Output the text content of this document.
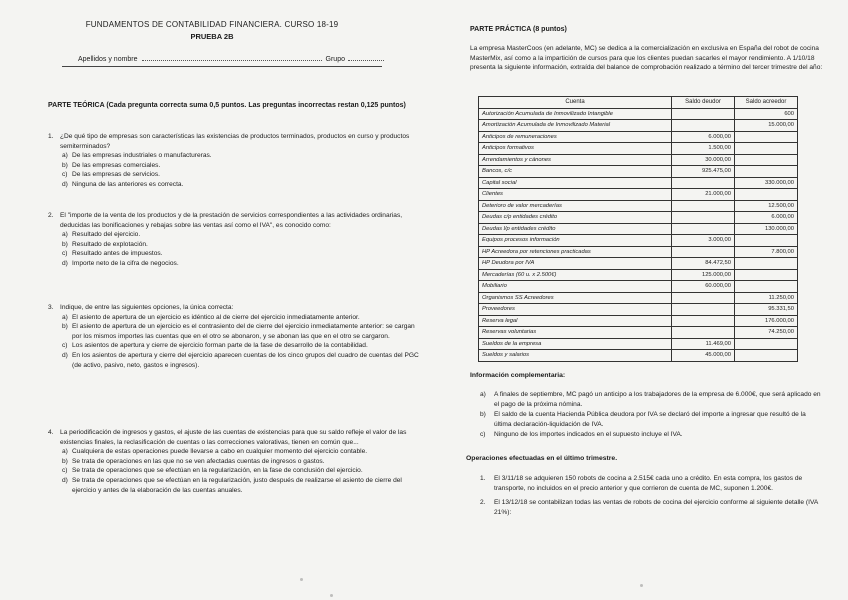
FUNDAMENTOS DE CONTABILIDAD FINANCIERA. CURSO 18-19
PRUEBA 2B
Apellidos y nombre	Grupo
PARTE TEÓRICA (Cada pregunta correcta suma 0,5 puntos. Las preguntas incorrectas restan 0,125 puntos)
1. ¿De qué tipo de empresas son características las existencias de productos terminados, productos en curso y productos semiterminados?
a) De las empresas industriales o manufactureras.
b) De las empresas comerciales.
c) De las empresas de servicios.
d) Ninguna de las anteriores es correcta.
2. El "importe de la venta de los productos y de la prestación de servicios correspondientes a las actividades ordinarias, deducidas las bonificaciones y rebajas sobre las ventas así como el IVA", es conocido como:
a) Resultado del ejercicio.
b) Resultado de explotación.
c) Resultado antes de impuestos.
d) Importe neto de la cifra de negocios.
3. Indique, de entre las siguientes opciones, la única correcta:
a) El asiento de apertura de un ejercicio es idéntico al de cierre del ejercicio inmediatamente anterior.
b) El asiento de apertura de un ejercicio es el contrasiento del de cierre del ejercicio inmediatamente anterior: se cargan por los mismos importes las cuentas que en el otro se abonaron, y se abonan las que en el otro se cargaron.
c) Los asientos de apertura y cierre de ejercicio forman parte de la fase de desarrollo de la contabilidad.
d) En los asientos de apertura y cierre del ejercicio aparecen cuentas de los cinco grupos del cuadro de cuentas del PGC (de activo, pasivo, neto, gastos e ingresos).
4. La periodificación de ingresos y gastos, el ajuste de las cuentas de existencias para que su saldo refleje el valor de las existencias finales, la reclasificación de cuentas o las correcciones valorativas, tienen en común que...
a) Cualquiera de estas operaciones puede llevarse a cabo en cualquier momento del ejercicio contable.
b) Se trata de operaciones en las que no se ven afectadas cuentas de ingresos o gastos.
c) Se trata de operaciones que se efectúan en la regularización, en la fase de conclusión del ejercicio.
d) Se trata de operaciones que se efectúan en la regularización, justo después de realizarse el asiento de cierre del ejercicio y antes de la elaboración de las cuentas anuales.
PARTE PRÁCTICA (8 puntos)
La empresa MasterCoos (en adelante, MC) se dedica a la comercialización en exclusiva en España del robot de cocina MasterMix, así como a la impartición de cursos para que los clientes puedan sacarles el mayor rendimiento. A 1/10/18 presenta la siguiente información, extraída del balance de comprobación realizado a término del tercer trimestre del año:
Cuenta	Saldo deudor	Saldo acreedor
Autorización Acumulada de Inmovilizado Intangible		600
Amortización Acumulada de Inmovilizado Material		15.000,00
Anticipos de remuneraciones	6.000,00	
Anticipos formativos	1.500,00	
Arrendamientos y cánones	30.000,00	
Bancos, c/c	925.475,00	
Capital social		330.000,00
Clientes	21.000,00	
Deterioro de valor mercaderías		12.500,00
Deudas c/p entidades crédito		6.000,00
Deudas l/p entidades crédito		130.000,00
Equipos procesos información	3.000,00	
HP Acreedora por retenciones practicadas		7.800,00
HP Deudora por IVA	84.472,50	
Mercaderías (60 u. x 2.500€)	125.000,00	
Mobiliario	60.000,00	
Organismos SS Acreedores		11.250,00
Proveedores		95.331,50
Reserva legal		176.000,00
Reservas voluntarias		74.250,00
Sueldos de la empresa	11.469,00	
Sueldos y salarios	45.000,00	
Información complementaria:
a) A finales de septiembre, MC pagó un anticipo a los trabajadores de la empresa de 6.000€, que será aplicado en el pago de la próxima nómina.
b) El saldo de la cuenta Hacienda Pública deudora por IVA se declaró del importe a ingresar que resultó de la última declaración-liquidación de IVA.
c) Ninguno de los importes indicados en el supuesto incluye el IVA.
Operaciones efectuadas en el último trimestre.
1. El 3/11/18 se adquieren 150 robots de cocina a 2.515€ cada uno a crédito. En esta compra, los gastos de transporte, no incluidos en el precio anterior y que corrieron de cuenta de MC, suponen 1.200€.
2. El 13/12/18 se contabilizan todas las ventas de robots de cocina del ejercicio conforme al siguiente detalle (IVA 21%):
